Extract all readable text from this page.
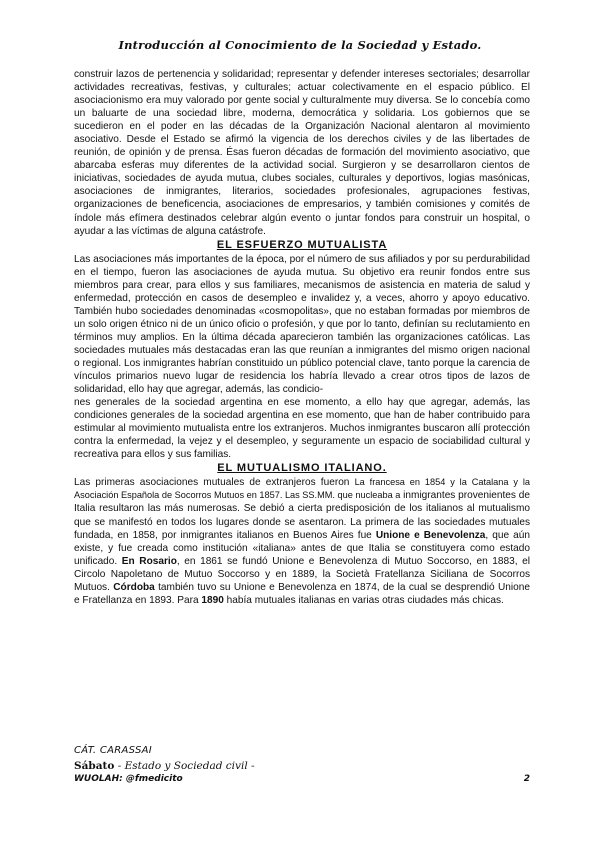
Introducción al Conocimiento de la Sociedad y Estado.

construir lazos de pertenencia y solidaridad; representar y defender intereses sectoriales; desarrollar actividades recreativas, festivas, y culturales; actuar colectivamente en el espacio público. El asociacionismo era muy valorado por gente social y culturalmente muy diversa. Se lo concebía como un baluarte de una sociedad libre, moderna, democrática y solidaria. Los gobiernos que se sucedieron en el poder en las décadas de la Organización Nacional alentaron al movimiento asociativo. Desde el Estado se afirmó la vigencia de los derechos civiles y de las libertades de reunión, de opinión y de prensa. Ésas fueron décadas de formación del movimiento asociativo, que abarcaba esferas muy diferentes de la actividad social. Surgieron y se desarrollaron cientos de iniciativas, sociedades de ayuda mutua, clubes sociales, culturales y deportivos, logias masónicas, asociaciones de inmigrantes, literarios, sociedades profesionales, agrupaciones festivas, organizaciones de beneficencia, asociaciones de empresarios, y también comisiones y comités de índole más efímera destinados celebrar algún evento o juntar fondos para construir un hospital, o ayudar a las víctimas de alguna catástrofe.

EL ESFUERZO MUTUALISTA

Las asociaciones más importantes de la época, por el número de sus afiliados y por su perdurabilidad en el tiempo, fueron las asociaciones de ayuda mutua. Su objetivo era reunir fondos entre sus miembros para crear, para ellos y sus familiares, mecanismos de asistencia en materia de salud y enfermedad, protección en casos de desempleo e invalidez y, a veces, ahorro y apoyo educativo. También hubo sociedades denominadas «cosmopolitas», que no estaban formadas por miembros de un solo origen étnico ni de un único oficio o profesión, y que por lo tanto, definían su reclutamiento en términos muy amplios. En la última década aparecieron también las organizaciones católicas. Las sociedades mutuales más destacadas eran las que reunían a inmigrantes del mismo origen nacional o regional. Los inmigrantes habrían constituido un público potencial clave, tanto porque la carencia de vínculos primarios nuevo lugar de residencia los habría llevado a crear otros tipos de lazos de solidaridad, ello hay que agregar, además, las condicio-

nes generales de la sociedad argentina en ese momento, a ello hay que agregar, además, las condiciones generales de la sociedad argentina en ese momento, que han de haber contribuido para estimular al movimiento mutualista entre los extranjeros. Muchos inmigrantes buscaron allí protección contra la enfermedad, la vejez y el desempleo, y seguramente un espacio de sociabilidad cultural y recreativa para ellos y sus familias.

EL MUTUALISMO ITALIANO.

Las primeras asociaciones mutuales de extranjeros fueron La francesa en 1854 y la Catalana y la Asociación Española de Socorros Mutuos en 1857. Las SS.MM. que nucleaba a inmigrantes provenientes de Italia resultaron las más numerosas. Se debió a cierta predisposición de los italianos al mutualismo que se manifestó en todos los lugares donde se asentaron. La primera de las sociedades mutuales fundada, en 1858, por inmigrantes italianos en Buenos Aires fue Unione e Benevolenza, que aún existe, y fue creada como institución «italiana» antes de que Italia se constituyera como estado unificado. En Rosario, en 1861 se fundó Unione e Benevolenza di Mutuo Soccorso, en 1883, el Circolo Napoletano de Mutuo Soccorso y en 1889, la Società Fratellanza Siciliana de Socorros Mutuos. Córdoba también tuvo su Unione e Benevolenza en 1874, de la cual se desprendió Unione e Fratellanza en 1893. Para 1890 había mutuales italianas en varias otras ciudades más chicas.

CÁT. CARASSAI
Sábato - Estado y Sociedad civil -
WUOLAH: @fmedicito	2
